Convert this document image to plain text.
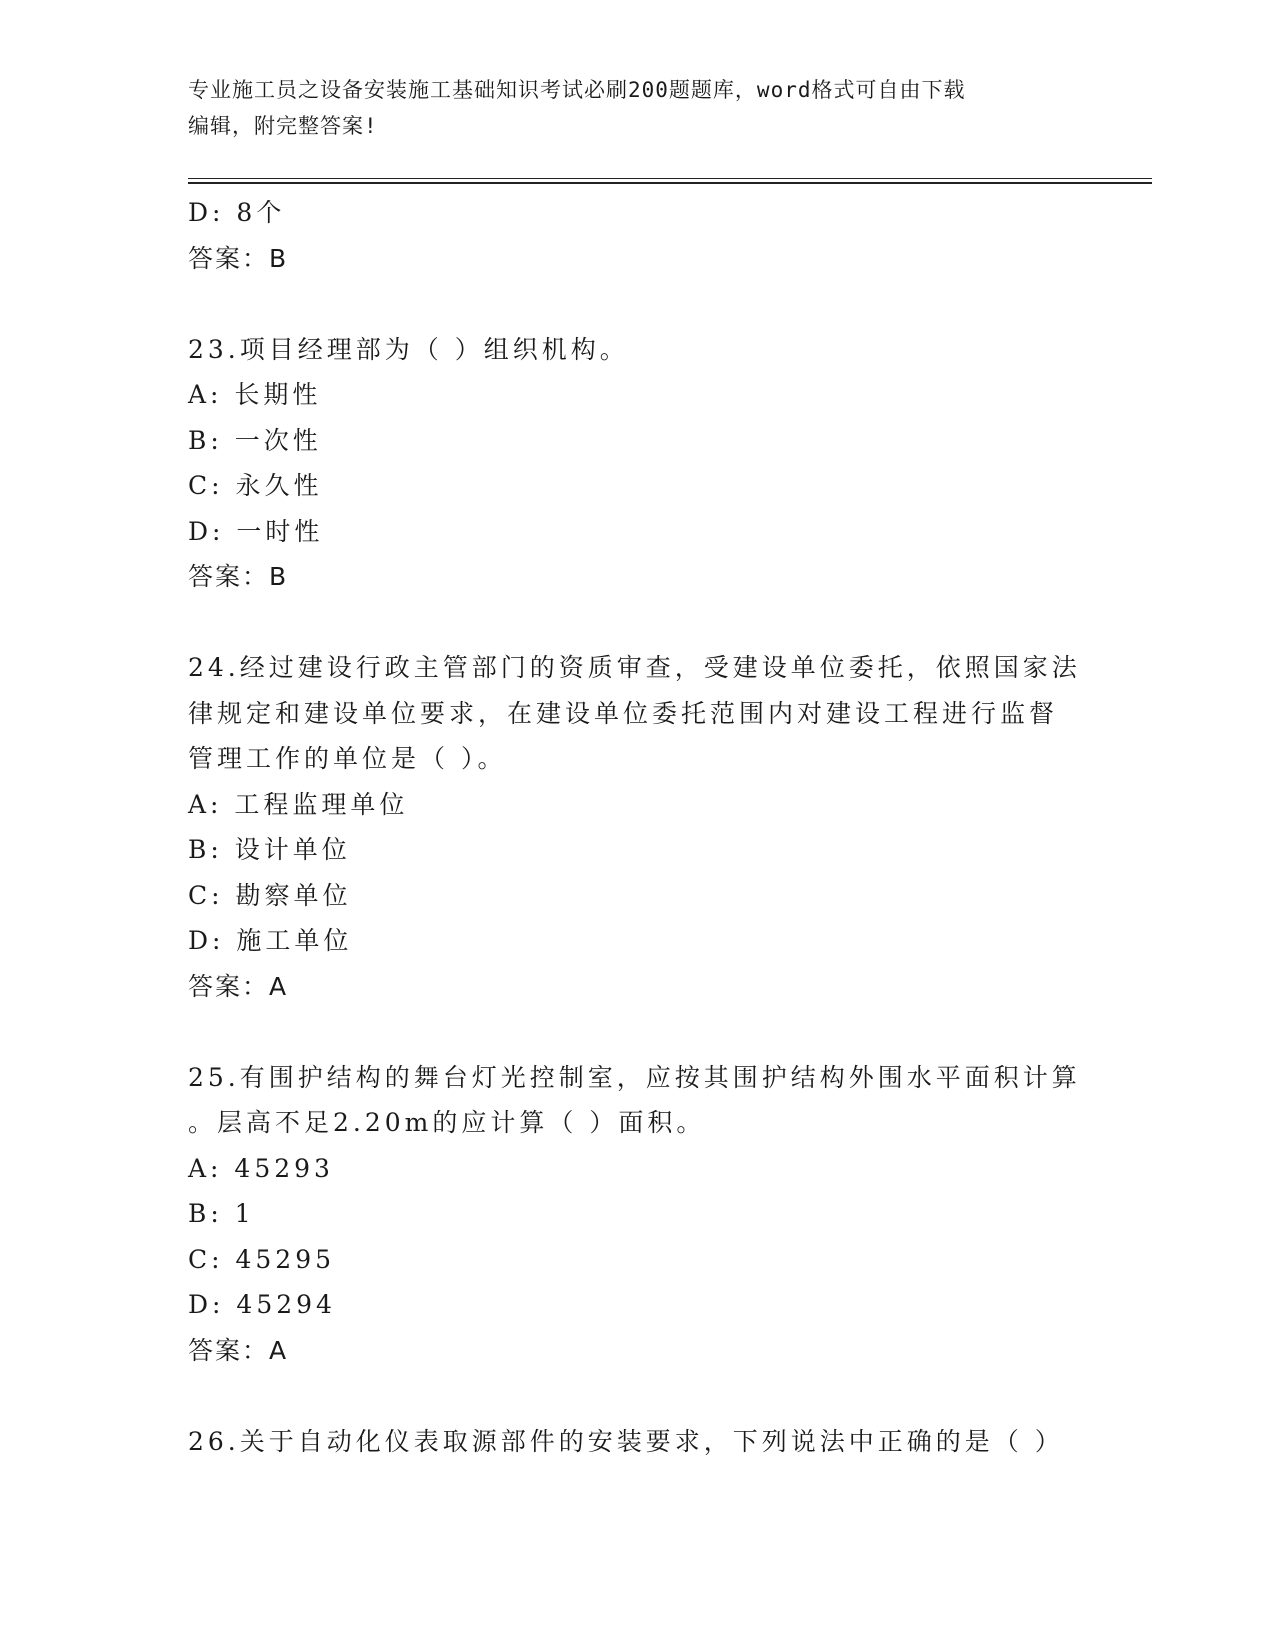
专业施工员之设备安装施工基础知识考试必刷200题题库，word格式可自由下载
编辑，附完整答案!
D: 8个
答案：B
23.项目经理部为（ ）组织机构。
A: 长期性
B: 一次性
C: 永久性
D: 一时性
答案：B
24.经过建设行政主管部门的资质审查，受建设单位委托，依照国家法
律规定和建设单位要求，在建设单位委托范围内对建设工程进行监督
管理工作的单位是（ ）。
A: 工程监理单位
B: 设计单位
C: 勘察单位
D: 施工单位
答案：A
25.有围护结构的舞台灯光控制室，应按其围护结构外围水平面积计算
。层高不足2.20m的应计算（ ）面积。
A: 45293
B: 1
C: 45295
D: 45294
答案：A
26.关于自动化仪表取源部件的安装要求，下列说法中正确的是（ ）
